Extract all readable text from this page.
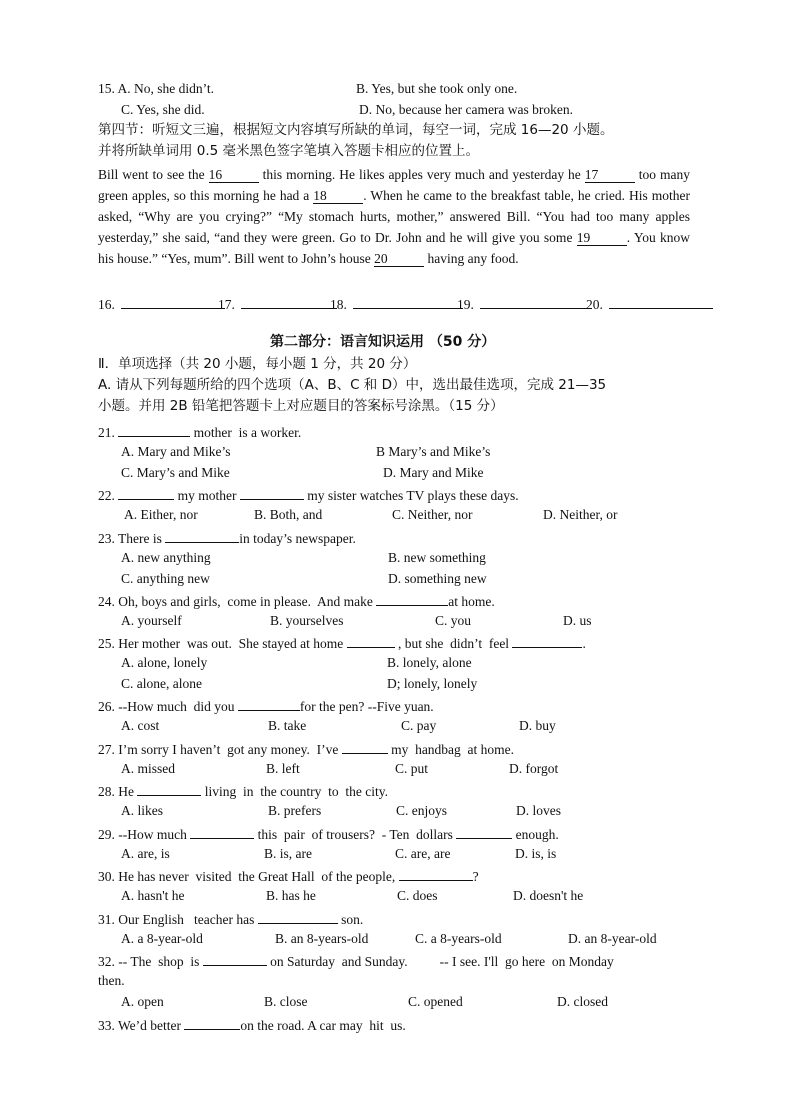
15. A. No, she didn’t.	B. Yes, but she took only one.
C. Yes, she did.	D. No, because her camera was broken.
第四节：听短文三遍，根据短文内容填写所缺的单词，每空一词，完成 16—20 小题。
并将所缺单词用 0.5 毫米黑色签字笔填入答题卡相应的位置上。
Bill went to see the 16	this morning. He likes apples very much and yesterday he 17	too many green apples, so this morning he had a 18	. When he came to the breakfast table, he cried. His mother asked, “Why are you crying?” “My stomach hurts, mother,” answered Bill. “You had too many apples yesterday,” she said, “and they were green. Go to Dr. John and he will give you some 19	. You know his house.” “Yes, mum”. Bill went to John’s house 20	having any food.
16.	17.	18.	19.	20.
第二部分：语言知识运用 （50 分）
Ⅱ．单项选择（共 20 小题，每小题 1 分，共 20 分）
A. 请从下列每题所给的四个选项（A、B、C 和 D）中，选出最佳选项，完成 21—35
小题。并用 2B 铅笔把答题卡上对应题目的答案标号涂黑。（15 分）
21.	mother  is a worker.
A. Mary and Mike’s	B Mary’s and Mike’s
C. Mary’s and Mike	D. Mary and Mike
22.	my mother	my sister watches TV plays these days.
A. Either, nor	B. Both, and	C. Neither, nor	D. Neither, or
23. There is	in today’s newspaper.
A. new anything	B. new something
C. anything new	D. something new
24. Oh, boys and girls,  come in please.  And make	at home.
A. yourself	B. yourselves	C. you	D. us
25. Her mother  was out.  She stayed at home	, but she  didn’t  feel	.
A. alone, lonely	B. lonely, alone
C. alone, alone	D; lonely, lonely
26. --How much  did you	for the pen? --Five yuan.
A. cost	B. take	C. pay	D. buy
27. I’m sorry I haven’t  got any money.  I’ve	my  handbag  at home.
A. missed	B. left	C. put	D. forgot
28. He	living  in  the country  to  the city.
A. likes	B. prefers	C. enjoys	D. loves
29. --How much	this  pair  of trousers?  - Ten  dollars	enough.
A. are, is	B. is, are	C. are, are	D. is, is
30. He has never  visited  the Great Hall  of the people,	?
A. hasn't he	B. has he	C. does	D. doesn't he
31. Our English   teacher has	son.
A. a 8-year-old	B. an 8-years-old	C. a 8-years-old	D. an 8-year-old
32. -- The  shop  is	on Saturday  and Sunday. -- I see. I'll  go here  on Monday
then.
A. open	B. close	C. opened	D. closed
33. We’d better	on the road. A car may  hit  us.
